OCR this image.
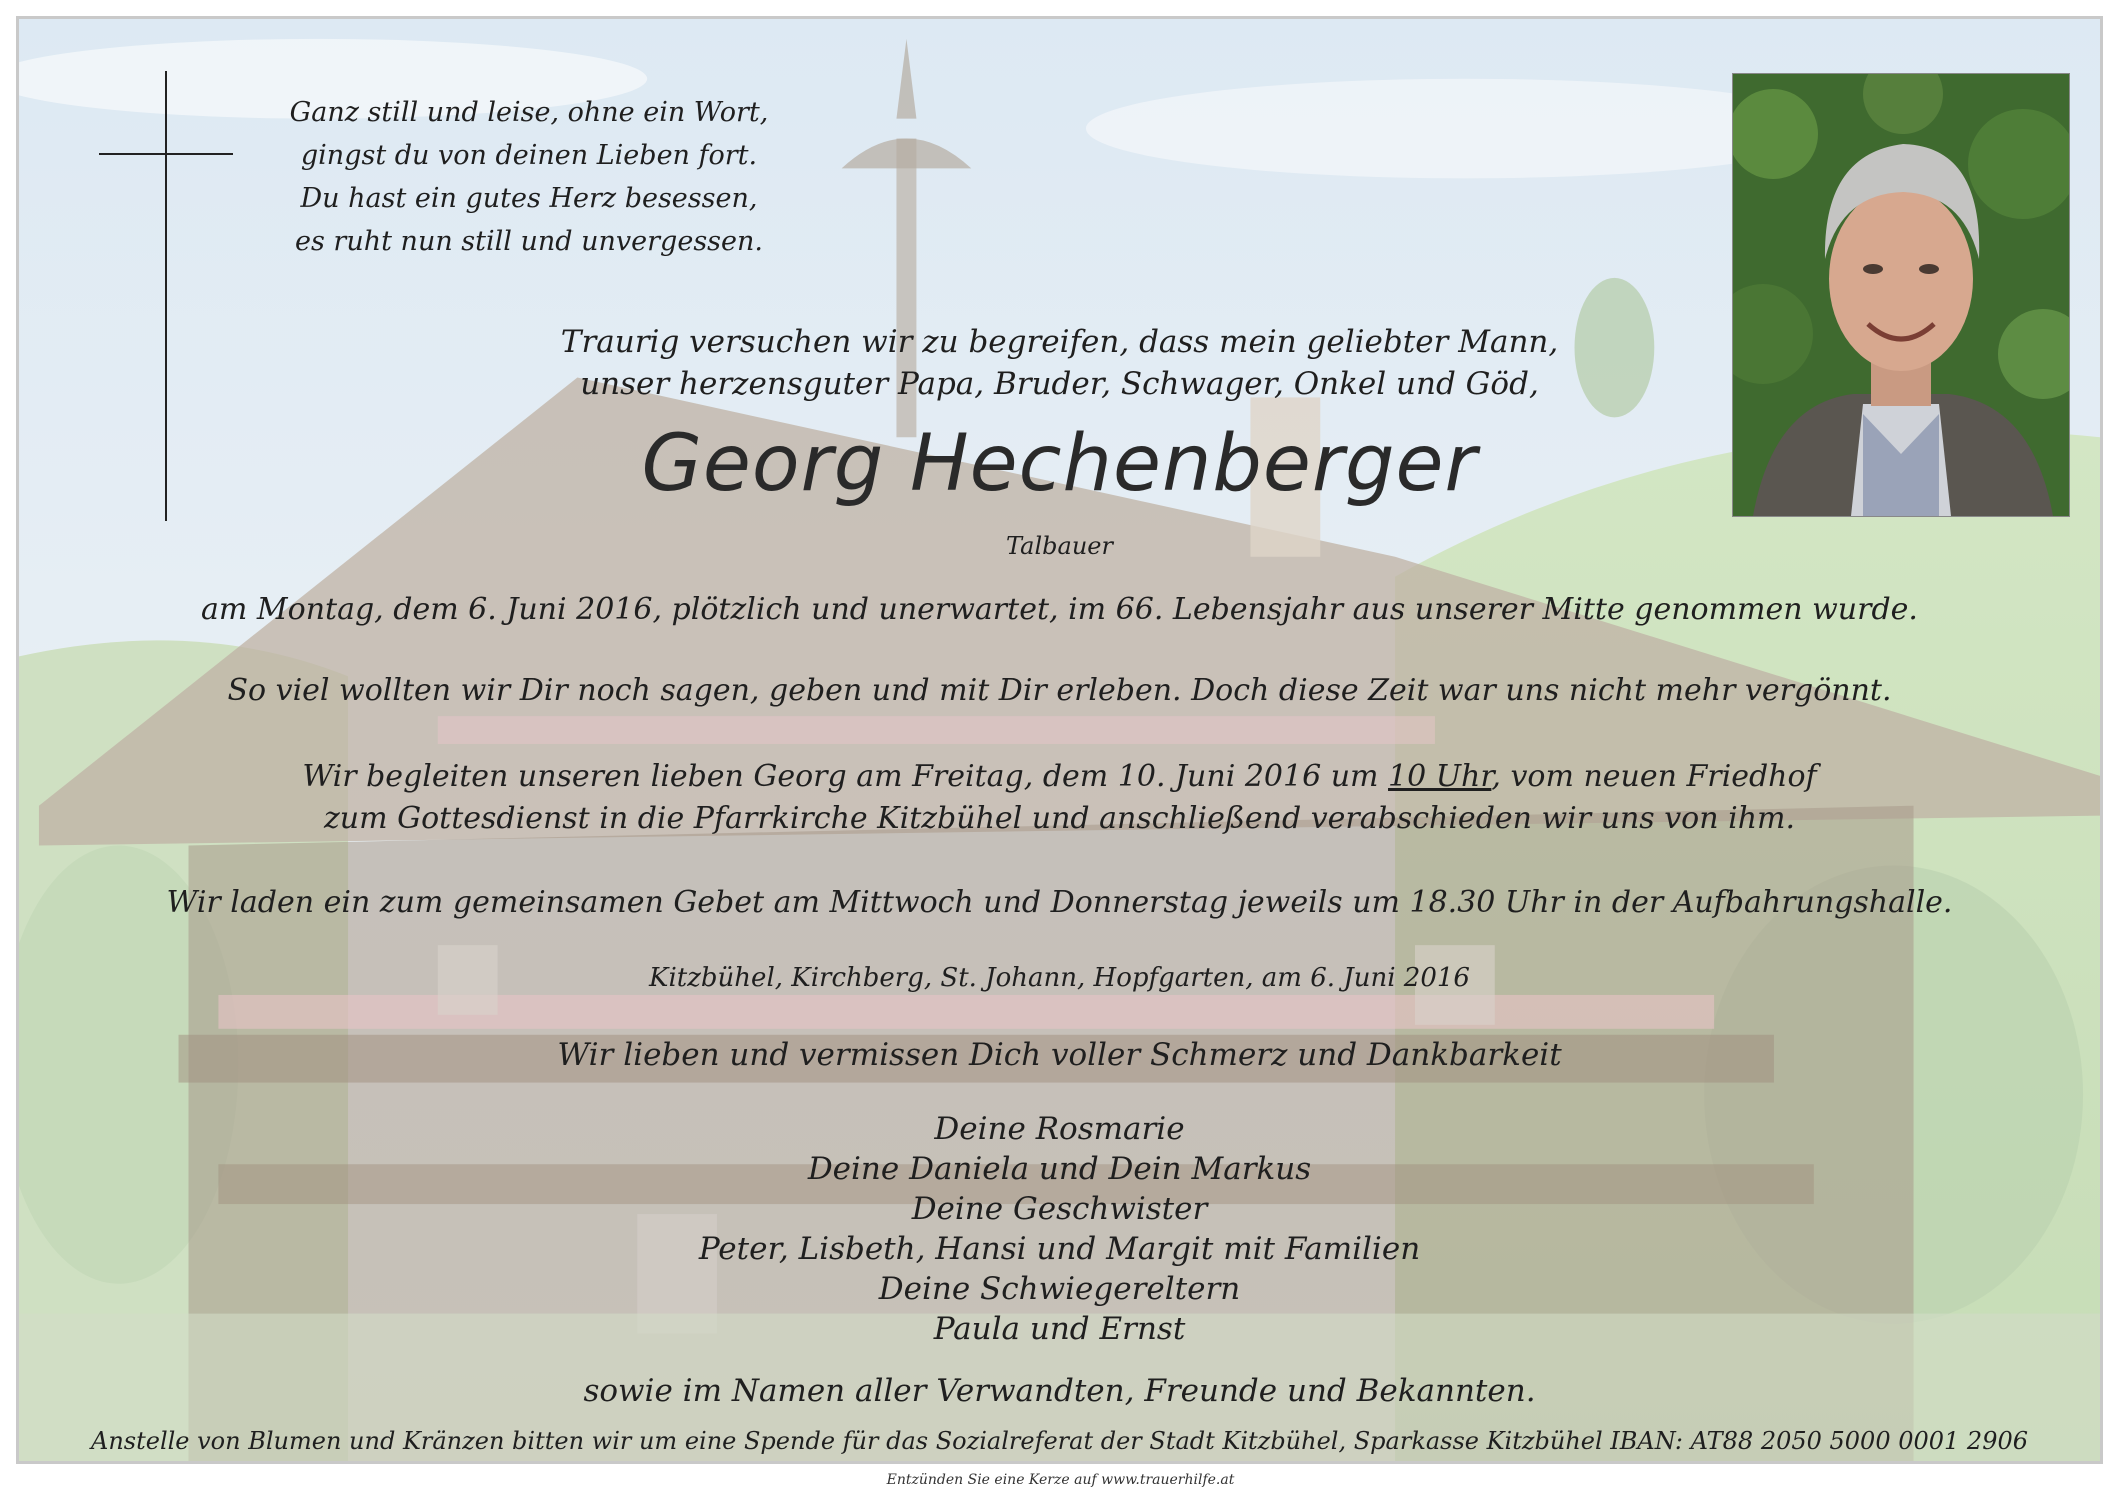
Ganz still und leise, ohne ein Wort,
gingst du von deinen Lieben fort.
Du hast ein gutes Herz besessen,
es ruht nun still und unvergessen.
Traurig versuchen wir zu begreifen, dass mein geliebter Mann,
unser herzensguter Papa, Bruder, Schwager, Onkel und Göd,
Georg Hechenberger
Talbauer
am Montag, dem 6. Juni 2016, plötzlich und unerwartet, im 66. Lebensjahr aus unserer Mitte genommen wurde.
So viel wollten wir Dir noch sagen, geben und mit Dir erleben. Doch diese Zeit war uns nicht mehr vergönnt.
Wir begleiten unseren lieben Georg am Freitag, dem 10. Juni 2016 um 10 Uhr, vom neuen Friedhof
zum Gottesdienst in die Pfarrkirche Kitzbühel und anschließend verabschieden wir uns von ihm.
Wir laden ein zum gemeinsamen Gebet am Mittwoch und Donnerstag jeweils um 18.30 Uhr in der Aufbahrungshalle.
Kitzbühel, Kirchberg, St. Johann, Hopfgarten, am 6. Juni 2016
Wir lieben und vermissen Dich voller Schmerz und Dankbarkeit
Deine Rosmarie
Deine Daniela und Dein Markus
Deine Geschwister
Peter, Lisbeth, Hansi und Margit mit Familien
Deine Schwiegereltern
Paula und Ernst
sowie im Namen aller Verwandten, Freunde und Bekannten.
Anstelle von Blumen und Kränzen bitten wir um eine Spende für das Sozialreferat der Stadt Kitzbühel, Sparkasse Kitzbühel IBAN: AT88 2050 5000 0001 2906
Entzünden Sie eine Kerze auf www.trauerhilfe.at
